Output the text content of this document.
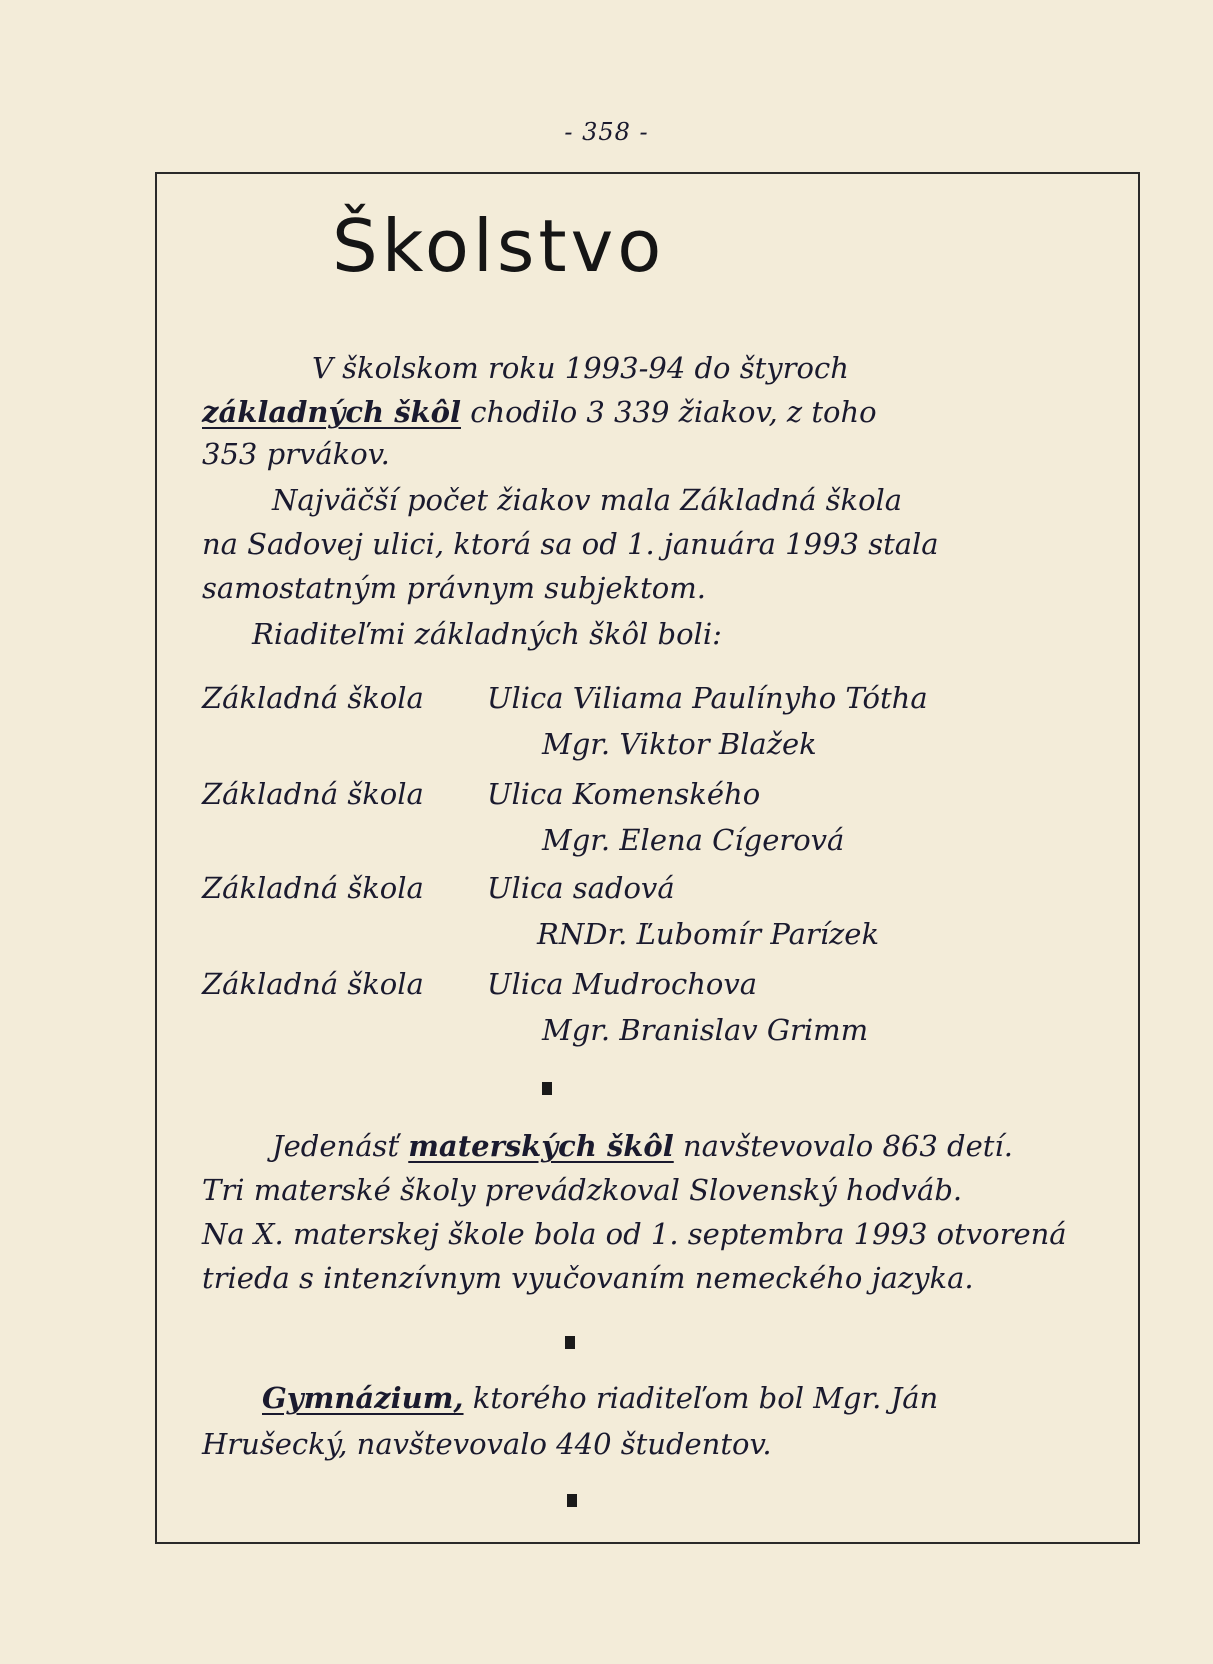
- 358 -
Školstvo
V školskom roku 1993-94 do štyroch
základných škôl chodilo 3 339 žiakov, z toho
353 prvákov.
Najväčší počet žiakov mala Základná škola
na Sadovej ulici, ktorá sa od 1. januára 1993 stala
samostatným právnym subjektom.
Riaditeľmi základných škôl boli:
Základná škola Ulica Viliama Paulínyho Tótha
Mgr. Viktor Blažek
Základná škola Ulica Komenského
Mgr. Elena Cígerová
Základná škola Ulica sadová
RNDr. Ľubomír Parízek
Základná škola Ulica Mudrochova
Mgr. Branislav Grimm
Jedenásť materských škôl navštevovalo 863 detí.
Tri materské školy prevádzkoval Slovenský hodváb.
Na X. materskej škole bola od 1. septembra 1993 otvorená
trieda s intenzívnym vyučovaním nemeckého jazyka.
Gymnázium, ktorého riaditeľom bol Mgr. Ján
Hrušecký, navštevovalo 440 študentov.
